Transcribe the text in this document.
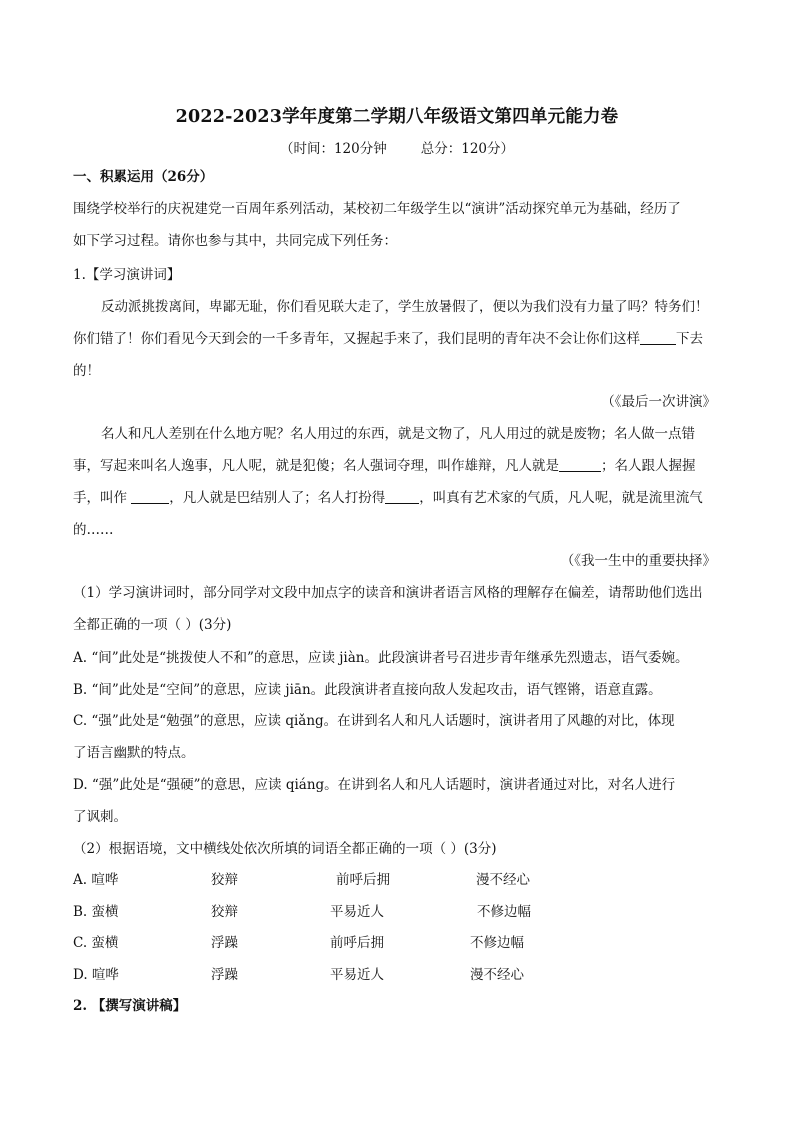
2022-2023学年度第二学期八年级语文第四单元能力卷
（时间：120分钟	总分：120分）
一、积累运用（26分）
围绕学校举行的庆祝建党一百周年系列活动，某校初二年级学生以“演讲”活动探究单元为基础，经历了
如下学习过程。请你也参与其中，共同完成下列任务：
1.【学习演讲词】
反动派挑拨离间，卑鄙无耻，你们看见联大走了，学生放暑假了，便以为我们没有力量了吗？特务们！
你们错了！你们看见今天到会的一千多青年，又握起手来了，我们昆明的青年决不会让你们这样	下去
的！
（《最后一次讲演》
名人和凡人差别在什么地方呢？名人用过的东西，就是文物了，凡人用过的就是废物；名人做一点错
事，写起来叫名人逸事，凡人呢，就是犯傻；名人强词夺理，叫作雄辩，凡人就是	；名人跟人握握
手，叫作	，凡人就是巴结别人了；名人打扮得	，叫真有艺术家的气质，凡人呢，就是流里流气
的……
（《我一生中的重要抉择》
（1）学习演讲词时，部分同学对文段中加点字的读音和演讲者语言风格的理解存在偏差，请帮助他们选出
全都正确的一项（ ）(3分)
A. “间”此处是“挑拨使人不和”的意思，应读 jiàn。此段演讲者号召进步青年继承先烈遗志，语气委婉。
B. “间”此处是“空间”的意思，应读 jiān。此段演讲者直接向敌人发起攻击，语气铿锵，语意直露。
C. “强”此处是“勉强”的意思，应读 qiǎng。在讲到名人和凡人话题时，演讲者用了风趣的对比，体现
了语言幽默的特点。
D. “强”此处是“强硬”的意思，应读 qiáng。在讲到名人和凡人话题时，演讲者通过对比，对名人进行
了讽刺。
（2）根据语境，文中横线处依次所填的词语全都正确的一项（ ）(3分)
A. 喧哗	狡辩	前呼后拥	漫不经心
B. 蛮横	狡辩	平易近人	不修边幅
C. 蛮横	浮躁	前呼后拥	不修边幅
D. 喧哗	浮躁	平易近人	漫不经心
2. 【撰写演讲稿】
